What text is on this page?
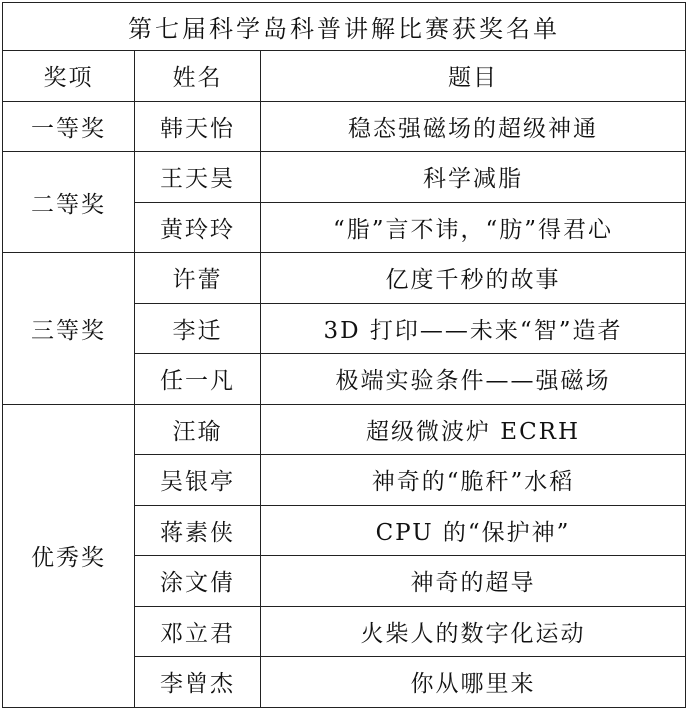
第七届科学岛科普讲解比赛获奖名单		
奖项	姓名	题目
一等奖	韩天怡	稳态强磁场的超级神通
二等奖	王天昊	科学减脂
	黄玲玲	“脂”言不讳，“肪”得君心
三等奖	许蕾	亿度千秒的故事
	李迁	3D 打印——未来“智”造者
	任一凡	极端实验条件——强磁场
优秀奖	汪瑜	超级微波炉 ECRH
	吴银亭	神奇的“脆秆”水稻
	蒋素侠	CPU 的“保护神”
	涂文倩	神奇的超导
	邓立君	火柴人的数字化运动
	李曾杰	你从哪里来
